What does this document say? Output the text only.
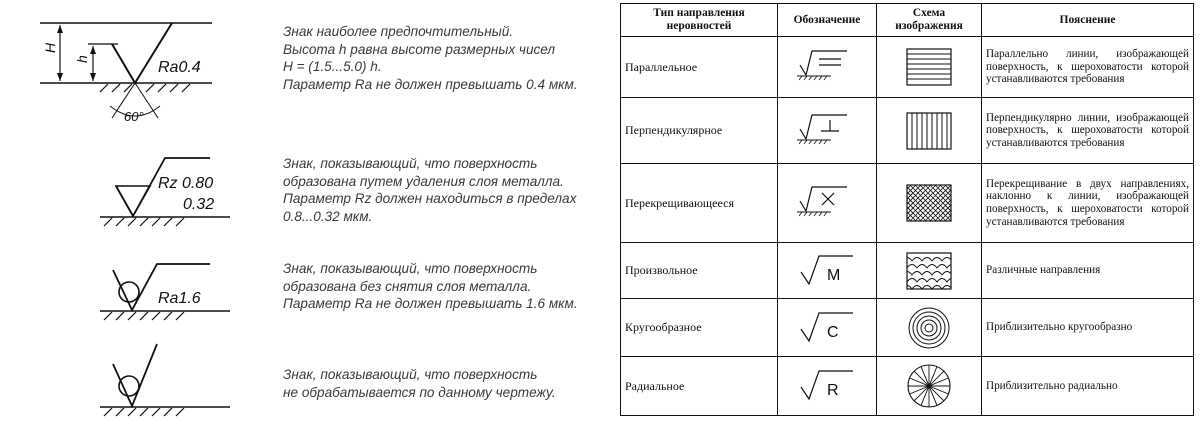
H
h	Ra0.4
60°
Знак наиболее предпочтительный.
Высота h равна высоте размерных чисел
H = (1.5...5.0) h.
Параметр Ra не должен превышать 0.4 мкм.
Rz 0.80
0.32
Знак, показывающий, что поверхность
образована путем удаления слоя металла.
Параметр Rz должен находиться в пределах
0.8...0.32 мкм.
Ra1.6
Знак, показывающий, что поверхность
образована без снятия слоя металла.
Параметр Ra не должен превышать 1.6 мкм.
Знак, показывающий, что поверхность
не обрабатывается по данному чертежу.
Тип направления неровностей	Обозначение	Схема изображения	Пояснение
Параллельное			Параллельно линии, изображающей поверхность, к шероховатости которой устанавливаются требования
Перпендикулярное			Перпендикулярно линии, изображающей поверхность, к шероховатости которой устанавливаются требования
Перекрещивающееся			Перекрещивание в двух направлениях, наклонно к линии, изображающей поверхность, к шероховатости которой устанавливаются требования
Произвольное	M		Различные направления
Кругообразное	C		Приблизительно кругообразно
Радиальное	R		Приблизительно радиально
